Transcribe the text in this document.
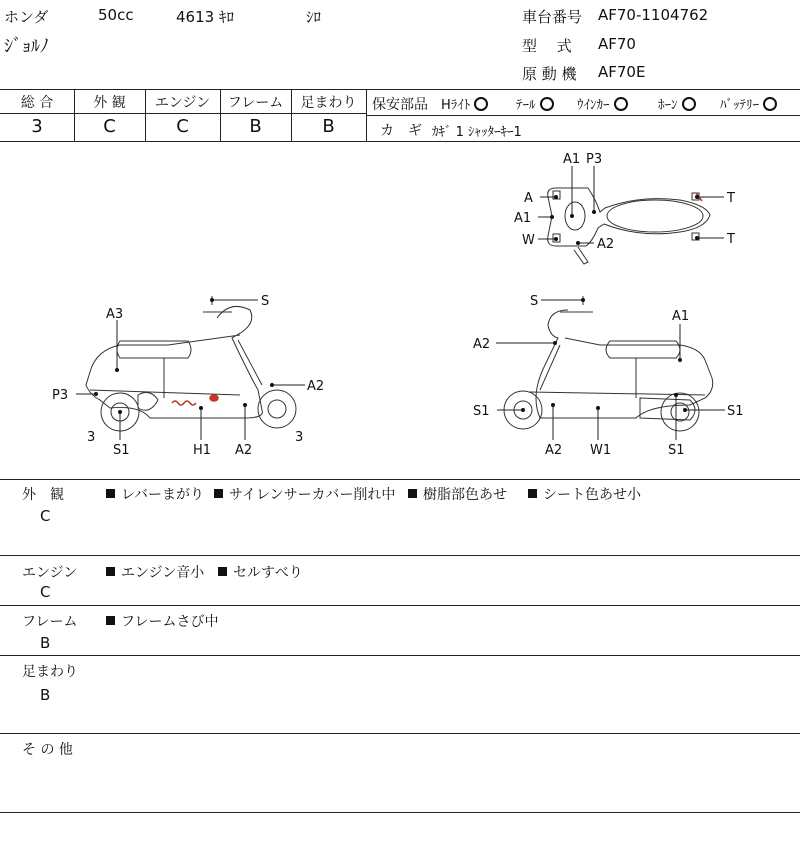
ホンダ	50cc	4613 ｷﾛ	ｼﾛ
ｼﾞｮﾙﾉ
車台番号 AF70-1104762
型　 式 AF70
原 動 機 AF70E
総 合	外 観	エンジン	フレーム	足まわり
3	C	C	B	B
保安部品 Hﾗｲﾄ	ﾃｰﾙ	ｳｲﾝｶｰ	ﾎｰﾝ	ﾊﾞｯﾃﾘｰ
カ　ギ ｶｷﾞ 1 ｼｬｯﾀｰｷｰ1
A1 P3
A
A1
W	A2
T
T
S
A3
A2
P3
3
S1	H1 A2
3
S
A1
A2
S1	S1
A2 W1	S1
外　観
C
レバーまがり	サイレンサーカバー削れ中	樹脂部色あせ	シート色あせ小
エンジン
C
エンジン音小	セルすべり
フレーム
B
フレームさび中
足まわり
B
そ の 他
